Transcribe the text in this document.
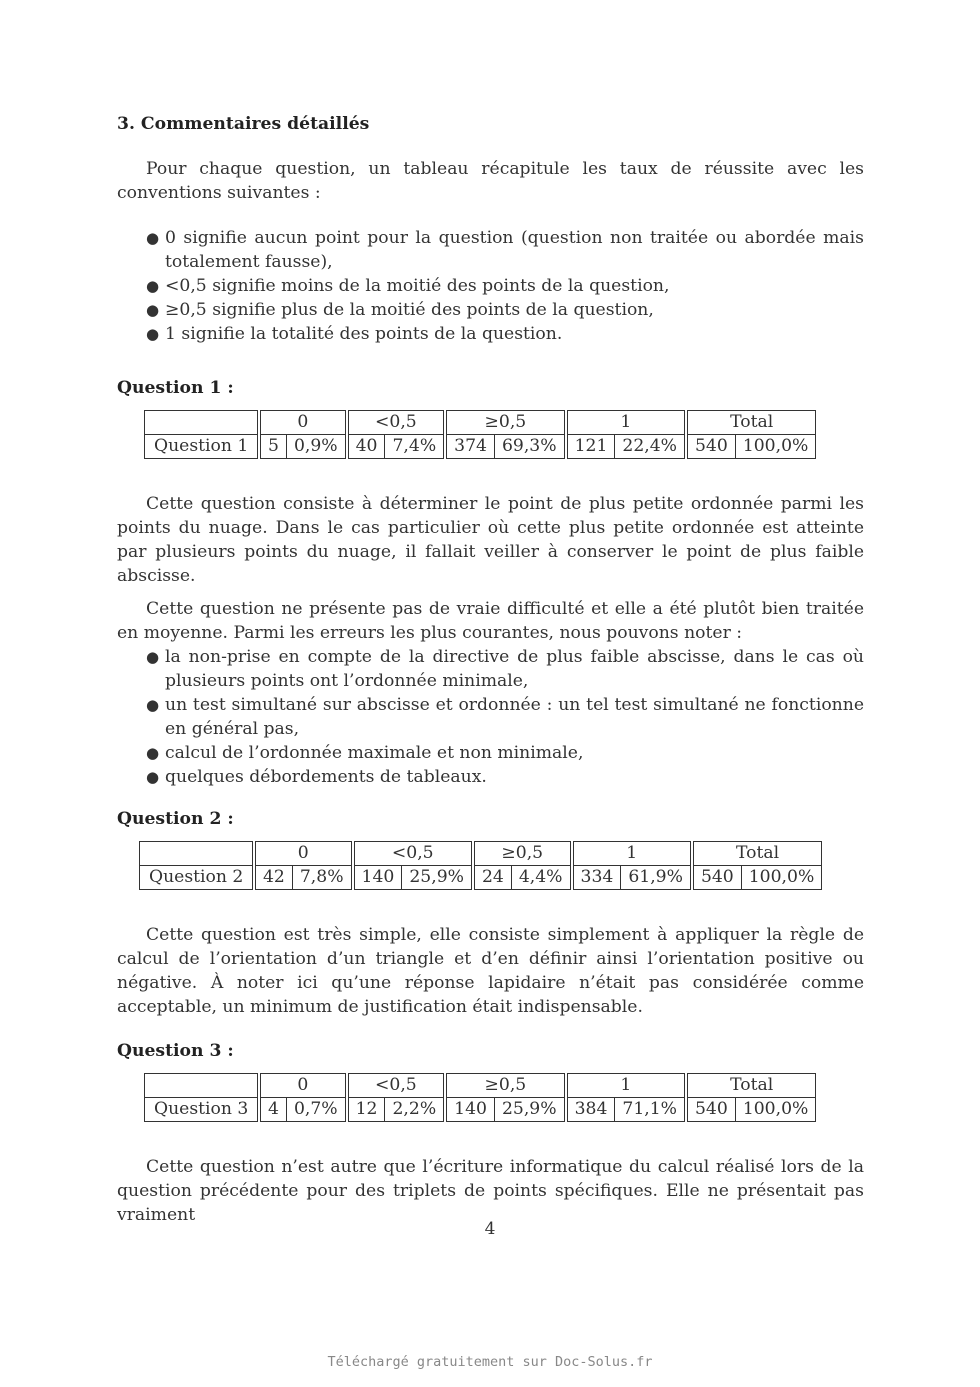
3. Commentaires détaillés

Pour chaque question, un tableau récapitule les taux de réussite avec les conventions suivantes :

● 0 signifie aucun point pour la question (question non traitée ou abordée mais totalement fausse),
● <0,5 signifie moins de la moitié des points de la question,
● ≥0,5 signifie plus de la moitié des points de la question,
● 1 signifie la totalité des points de la question.
Question 1 :
	0		<0,5		≥0,5		1		Total	
Question 1	5	0,9%	40	7,4%	374	69,3%	121	22,4%	540	100,0%

Cette question consiste à déterminer le point de plus petite ordonnée parmi les points du nuage. Dans le cas particulier où cette plus petite ordonnée est atteinte par plusieurs points du nuage, il fallait veiller à conserver le point de plus faible abscisse.

Cette question ne présente pas de vraie difficulté et elle a été plutôt bien traitée en moyenne. Parmi les erreurs les plus courantes, nous pouvons noter :

● la non-prise en compte de la directive de plus faible abscisse, dans le cas où plusieurs points ont l’ordonnée minimale,
● un test simultané sur abscisse et ordonnée : un tel test simultané ne fonctionne en général pas,
● calcul de l’ordonnée maximale et non minimale,
● quelques débordements de tableaux.
Question 2 :
	0		<0,5		≥0,5		1		Total	
Question 2	42	7,8%	140	25,9%	24	4,4%	334	61,9%	540	100,0%

Cette question est très simple, elle consiste simplement à appliquer la règle de calcul de l’orientation d’un triangle et d’en définir ainsi l’orientation positive ou négative. À noter ici qu’une réponse lapidaire n’était pas considérée comme acceptable, un minimum de justification était indispensable.

Question 3 :
	0		<0,5		≥0,5		1		Total	
Question 3	4	0,7%	12	2,2%	140	25,9%	384	71,1%	540	100,0%

Cette question n’est autre que l’écriture informatique du calcul réalisé lors de la question précédente pour des triplets de points spécifiques. Elle ne présentait pas vraiment

4
Téléchargé gratuitement sur Doc-Solus.fr
